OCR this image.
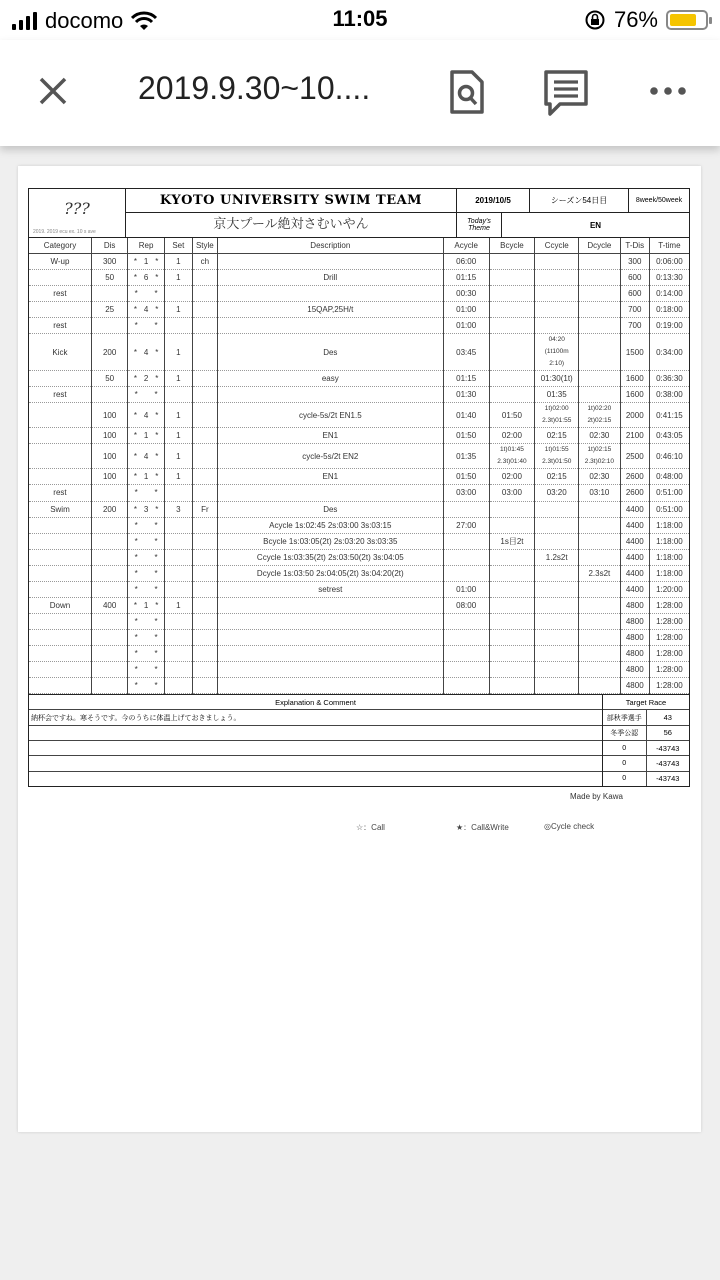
docomo	11:05	76%
2019.9.30~10....
???
2019. 2019 ecu ex. 10 s ave
KYOTO UNIVERSITY SWIM TEAM
京大プール絶対さむいやん
2019/10/5	シーズン54日目	8week/50week
Today's Theme	EN
Category	Dis	Rep	Set	Style	Description	Acycle	Bcycle	Ccycle	Dcycle	T-Dis	T-time
W-up	300	* 1 *	1	ch		06:00				300	0:06:00
	50	* 6 *	1		Drill	01:15				600	0:13:30
rest		* *				00:30				600	0:14:00
	25	* 4 *	1		15QAP,25H/t	01:00				700	0:18:00
rest		* *				01:00				700	0:19:00
Kick	200	* 4 *	1		Des	03:45		04:20 (1t100m 2:10)		1500	0:34:00
	50	* 2 *	1		easy	01:15		01:30(1t)		1600	0:36:30
rest		* *				01:30		01:35		1600	0:38:00
	100	* 4 *	1		cycle-5s/2t EN1.5	01:40	01:50	1t)02:00 2.3t)01:55	1t)02:20 2t)02:15	2000	0:41:15
	100	* 1 *	1		EN1	01:50	02:00	02:15	02:30	2100	0:43:05
	100	* 4 *	1		cycle-5s/2t EN2	01:35	1t)01:45 2.3t)01:40	1t)01:55 2.3t)01:50	1t)02:15 2.3t)02:10	2500	0:46:10
	100	* 1 *	1		EN1	01:50	02:00	02:15	02:30	2600	0:48:00
rest		* *				03:00	03:00	03:20	03:10	2600	0:51:00
Swim	200	* 3 *	3	Fr	Des					4400	0:51:00

		* *			Acycle 1s:02:45 2s:03:00 3s:03:15	27:00				4400	1:18:00

		* *			Bcycle 1s:03:05(2t) 2s:03:20 3s:03:35		1s目2t			4400	1:18:00

		* *			Ccycle 1s:03:35(2t) 2s:03:50(2t) 3s:04:05			1.2s2t		4400	1:18:00

		* *			Dcycle 1s:03:50 2s:04:05(2t) 3s:04:20(2t)				2.3s2t	4400	1:18:00

		* *			setrest	01:00				4400	1:20:00
Down	400	* 1 *	1			08:00				4800	1:28:00

		* *								4800	1:28:00

		* *								4800	1:28:00

		* *								4800	1:28:00

		* *								4800	1:28:00

		* *								4800	1:28:00
Explanation & Comment
納杯会ですね。寒そうです。今のうちに体温上げておきましょう。
Target Race
部秋季選手	43
冬季公認	56
0	-43743
0	-43743
0	-43743
Made by Kawa
☆：Call	★：Call&Write	◎Cycle check
